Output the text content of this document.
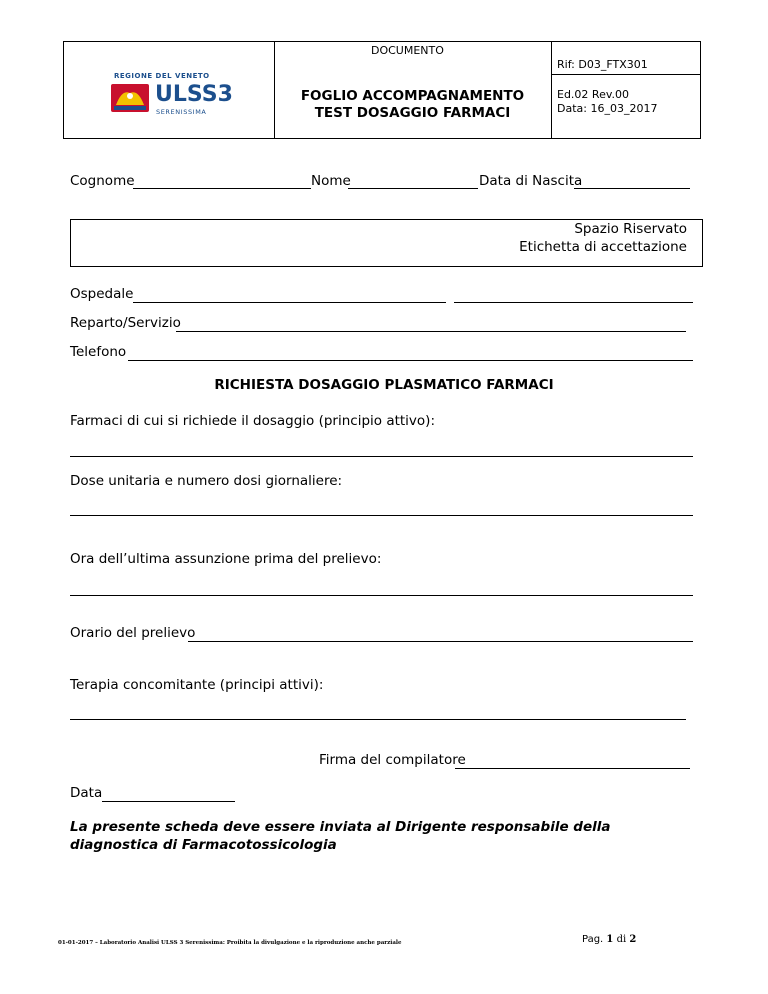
REGIONE DEL VENETO
ULSS3
SERENISSIMA
DOCUMENTO
FOGLIO ACCOMPAGNAMENTO
TEST DOSAGGIO FARMACI
Rif: D03_FTX301
Ed.02 Rev.00
Data: 16_03_2017
Cognome	Nome	Data di Nascita
Spazio Riservato
Etichetta di accettazione
Ospedale
Reparto/Servizio
Telefono
RICHIESTA DOSAGGIO PLASMATICO FARMACI
Farmaci di cui si richiede il dosaggio (principio attivo):
Dose unitaria e numero dosi giornaliere:
Ora dell’ultima assunzione prima del prelievo:
Orario del prelievo
Terapia concomitante (principi attivi):
Firma del compilatore
Data
La presente scheda deve essere inviata al Dirigente responsabile della diagnostica di Farmacotossicologia
01-01-2017 – Laboratorio Analisi ULSS 3 Serenissima: Proibita la divulgazione e la riproduzione anche parziale	Pag. 1 di 2
